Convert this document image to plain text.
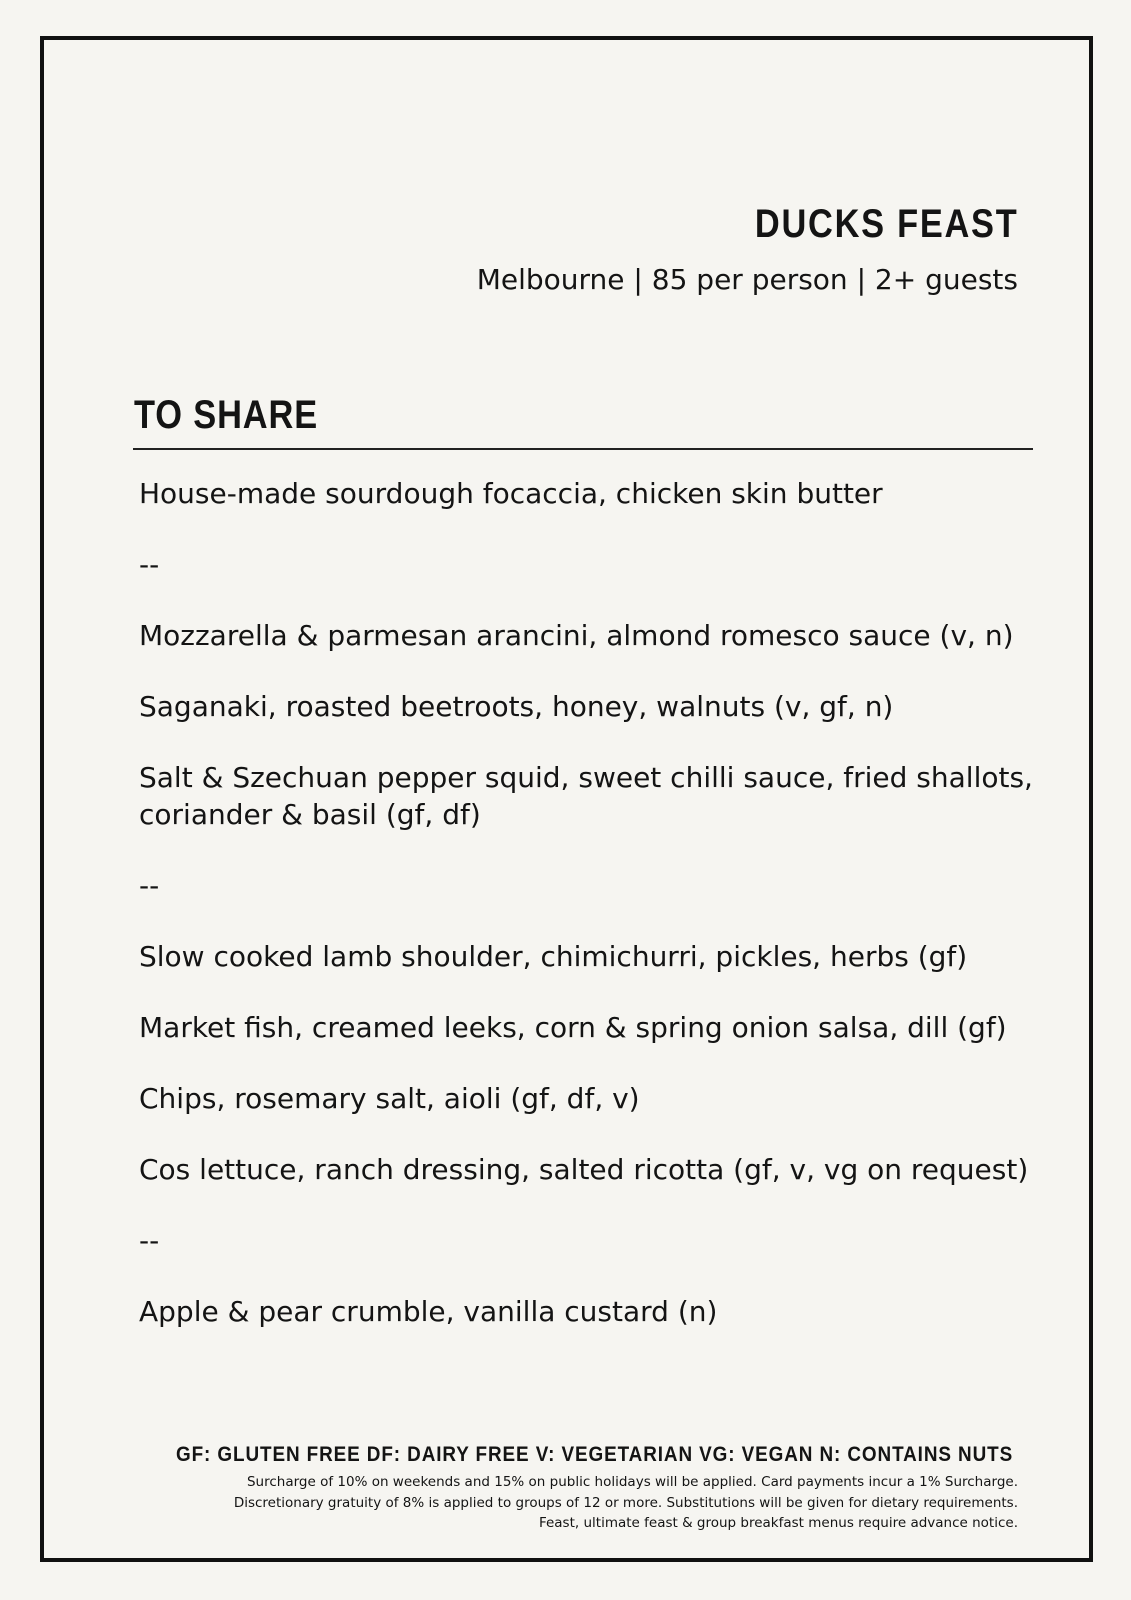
DUCKS FEAST

Melbourne | 85 per person | 2+ guests

TO SHARE
House-made sourdough focaccia, chicken skin butter
--
Mozzarella & parmesan arancini, almond romesco sauce (v, n)
Saganaki, roasted beetroots, honey, walnuts (v, gf, n)
Salt & Szechuan pepper squid, sweet chilli sauce, fried shallots, coriander & basil (gf, df)
--
Slow cooked lamb shoulder, chimichurri, pickles, herbs (gf)
Market fish, creamed leeks, corn & spring onion salsa, dill (gf)
Chips, rosemary salt, aioli (gf, df, v)
Cos lettuce, ranch dressing, salted ricotta (gf, v, vg on request)
--
Apple & pear crumble, vanilla custard (n)
GF: GLUTEN FREE DF: DAIRY FREE V: VEGETARIAN VG: VEGAN N: CONTAINS NUTS
Surcharge of 10% on weekends and 15% on public holidays will be applied. Card payments incur a 1% Surcharge.
Discretionary gratuity of 8% is applied to groups of 12 or more. Substitutions will be given for dietary requirements.
Feast, ultimate feast & group breakfast menus require advance notice.
